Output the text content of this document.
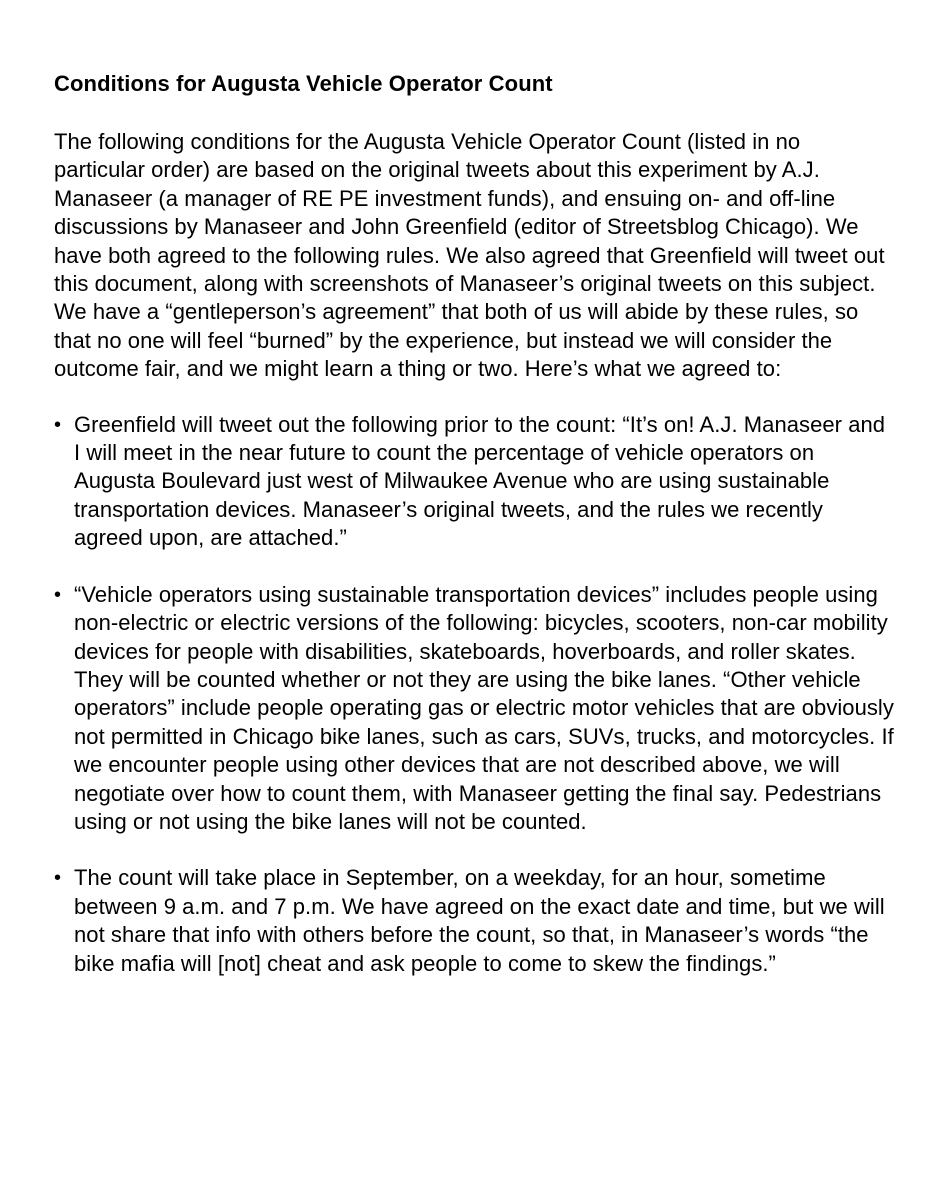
Conditions for Augusta Vehicle Operator Count

The following conditions for the Augusta Vehicle Operator Count (listed in no particular order) are based on the original tweets about this experiment by A.J. Manaseer (a manager of RE PE investment funds), and ensuing on- and off-line discussions by Manaseer and John Greenfield (editor of Streetsblog Chicago). We have both agreed to the following rules. We also agreed that Greenfield will tweet out this document, along with screenshots of Manaseer’s original tweets on this subject. We have a “gentleperson’s agreement” that both of us will abide by these rules, so that no one will feel “burned” by the experience, but instead we will consider the outcome fair, and we might learn a thing or two. Here’s what we agreed to:

• Greenfield will tweet out the following prior to the count: “It’s on! A.J. Manaseer and I will meet in the near future to count the percentage of vehicle operators on Augusta Boulevard just west of Milwaukee Avenue who are using sustainable transportation devices. Manaseer’s original tweets, and the rules we recently agreed upon, are attached.”
• “Vehicle operators using sustainable transportation devices” includes people using non-electric or electric versions of the following: bicycles, scooters, non-car mobility devices for people with disabilities, skateboards, hoverboards, and roller skates. They will be counted whether or not they are using the bike lanes. “Other vehicle operators” include people operating gas or electric motor vehicles that are obviously not permitted in Chicago bike lanes, such as cars, SUVs, trucks, and motorcycles. If we encounter people using other devices that are not described above, we will negotiate over how to count them, with Manaseer getting the final say. Pedestrians using or not using the bike lanes will not be counted.
• The count will take place in September, on a weekday, for an hour, sometime between 9 a.m. and 7 p.m. We have agreed on the exact date and time, but we will not share that info with others before the count, so that, in Manaseer’s words “the bike mafia will [not] cheat and ask people to come to skew the findings.”
